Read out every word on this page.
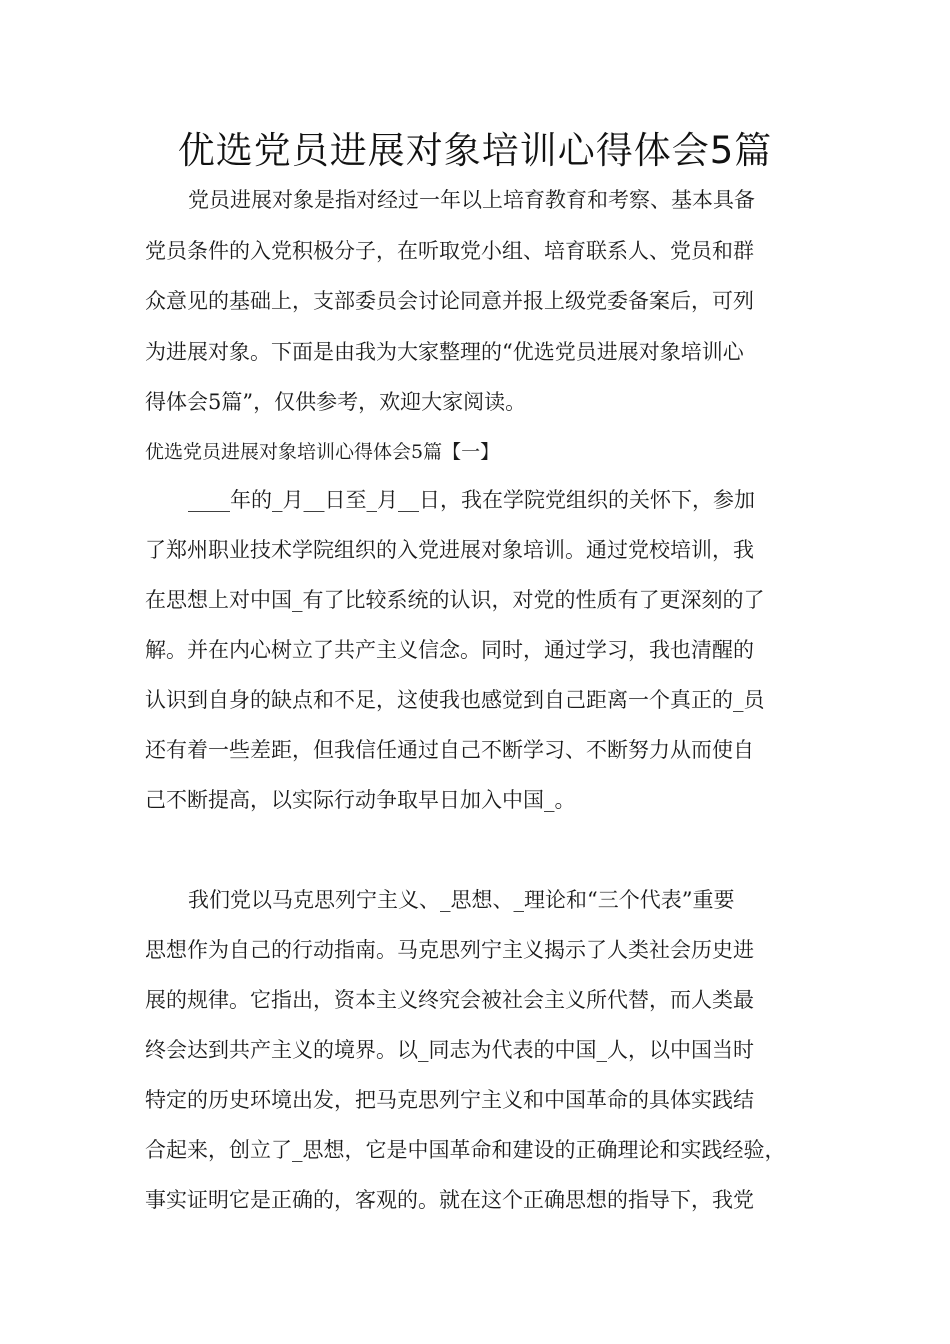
优选党员进展对象培训心得体会5篇
党员进展对象是指对经过一年以上培育教育和考察、基本具备
党员条件的入党积极分子，在听取党小组、培育联系人、党员和群
众意见的基础上，支部委员会讨论同意并报上级党委备案后，可列
为进展对象。下面是由我为大家整理的“优选党员进展对象培训心
得体会5篇”，仅供参考，欢迎大家阅读。
优选党员进展对象培训心得体会5篇【一】
____年的_月__日至_月__日，我在学院党组织的关怀下，参加
了郑州职业技术学院组织的入党进展对象培训。通过党校培训，我
在思想上对中国_有了比较系统的认识，对党的性质有了更深刻的了
解。并在内心树立了共产主义信念。同时，通过学习，我也清醒的
认识到自身的缺点和不足，这使我也感觉到自己距离一个真正的_员
还有着一些差距，但我信任通过自己不断学习、不断努力从而使自
己不断提高，以实际行动争取早日加入中国_。
我们党以马克思列宁主义、_思想、_理论和“三个代表”重要
思想作为自己的行动指南。马克思列宁主义揭示了人类社会历史进
展的规律。它指出，资本主义终究会被社会主义所代替，而人类最
终会达到共产主义的境界。以_同志为代表的中国_人，以中国当时
特定的历史环境出发，把马克思列宁主义和中国革命的具体实践结
合起来，创立了_思想，它是中国革命和建设的正确理论和实践经验，
事实证明它是正确的，客观的。就在这个正确思想的指导下，我党
